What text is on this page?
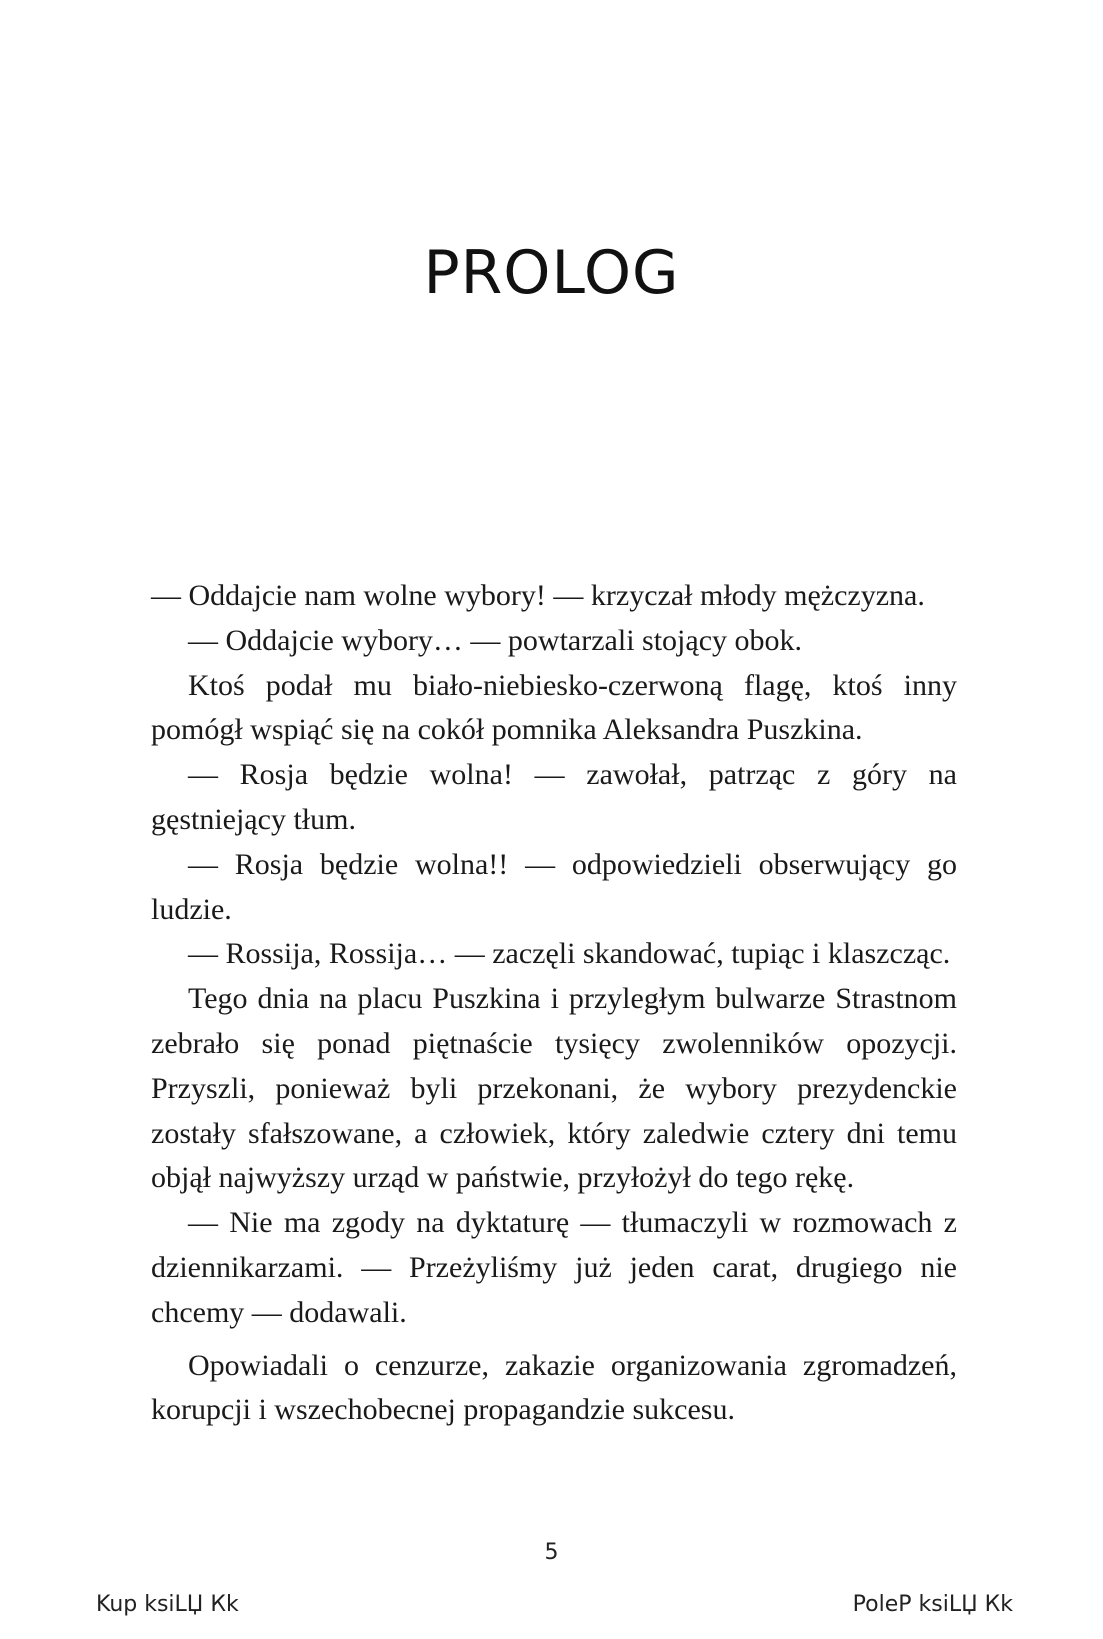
PROLOG

— Oddajcie nam wolne wybory! — krzyczał młody mężczyzna.

— Oddajcie wybory… — powtarzali stojący obok.

Ktoś podał mu biało-niebiesko-czerwoną flagę, ktoś inny pomógł wspiąć się na cokół pomnika Aleksandra Puszkina.

— Rosja będzie wolna! — zawołał, patrząc z góry na gęstniejący tłum.

— Rosja będzie wolna!! — odpowiedzieli obserwujący go ludzie.

— Rossija, Rossija… — zaczęli skandować, tupiąc i klaszcząc.

Tego dnia na placu Puszkina i przyległym bulwarze Strastnom zebrało się ponad piętnaście tysięcy zwolenników opozycji. Przyszli, ponieważ byli przekonani, że wybory prezydenckie zostały sfałszowane, a człowiek, który zaledwie cztery dni temu objął najwyższy urząd w państwie, przyłożył do tego rękę.

— Nie ma zgody na dyktaturę — tłumaczyli w rozmowach z dziennikarzami. — Przeżyliśmy już jeden carat, drugiego nie chcemy — dodawali.

Opowiadali o cenzurze, zakazie organizowania zgromadzeń, korupcji i wszechobecnej propagandzie sukcesu.

5
Kup ksiLЏ Кk	PoleP ksiLЏ Кk
